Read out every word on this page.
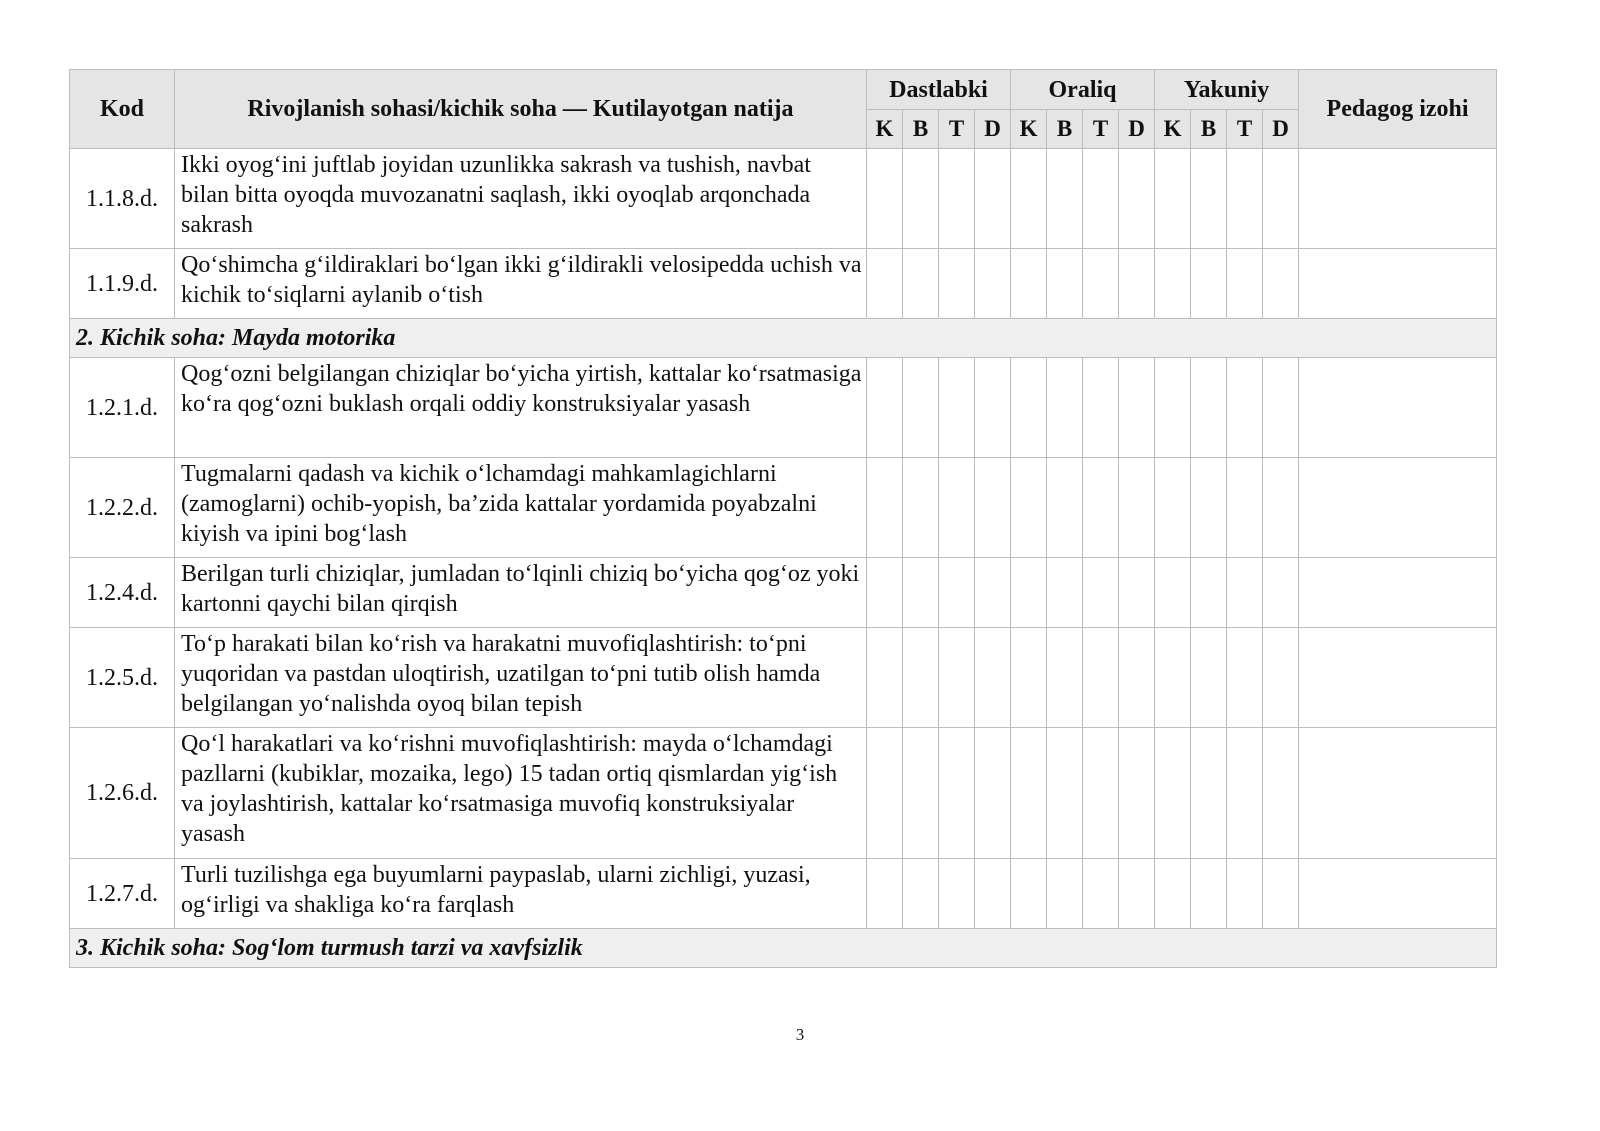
Kod	Rivojlanish sohasi/kichik soha — Kutilayotgan natija	Dastlabki				Oraliq				Yakuniy				Pedagog izohi
		K	B	T	D	K	B	T	D	K	B	T	D	
1.1.8.d.	Ikki oyog‘ini juftlab joyidan uzunlikka sakrash va tushish, navbat bilan bitta oyoqda muvozanatni saqlash, ikki oyoqlab arqonchada sakrash													
1.1.9.d.	Qo‘shimcha g‘ildiraklari bo‘lgan ikki g‘ildirakli velosipedda uchish va kichik to‘siqlarni aylanib o‘tish													
2. Kichik soha: Mayda motorika														
1.2.1.d.	Qog‘ozni belgilangan chiziqlar bo‘yicha yirtish, kattalar ko‘rsatmasiga ko‘ra qog‘ozni buklash orqali oddiy konstruksiyalar yasash													
1.2.2.d.	Tugmalarni qadash va kichik o‘lchamdagi mahkamlagichlarni (zamoglarni) ochib-yopish, ba’zida kattalar yordamida poyabzalni kiyish va ipini bog‘lash													
1.2.4.d.	Berilgan turli chiziqlar, jumladan to‘lqinli chiziq bo‘yicha qog‘oz yoki kartonni qaychi bilan qirqish													
1.2.5.d.	To‘p harakati bilan ko‘rish va harakatni muvofiqlashtirish: to‘pni yuqoridan va pastdan uloqtirish, uzatilgan to‘pni tutib olish hamda belgilangan yo‘nalishda oyoq bilan tepish													
1.2.6.d.	Qo‘l harakatlari va ko‘rishni muvofiqlashtirish: mayda o‘lchamdagi pazllarni (kubiklar, mozaika, lego) 15 tadan ortiq qismlardan yig‘ish va joylashtirish, kattalar ko‘rsatmasiga muvofiq konstruksiyalar yasash													
1.2.7.d.	Turli tuzilishga ega buyumlarni paypaslab, ularni zichligi, yuzasi, og‘irligi va shakliga ko‘ra farqlash													
3. Kichik soha: Sog‘lom turmush tarzi va xavfsizlik														
3
